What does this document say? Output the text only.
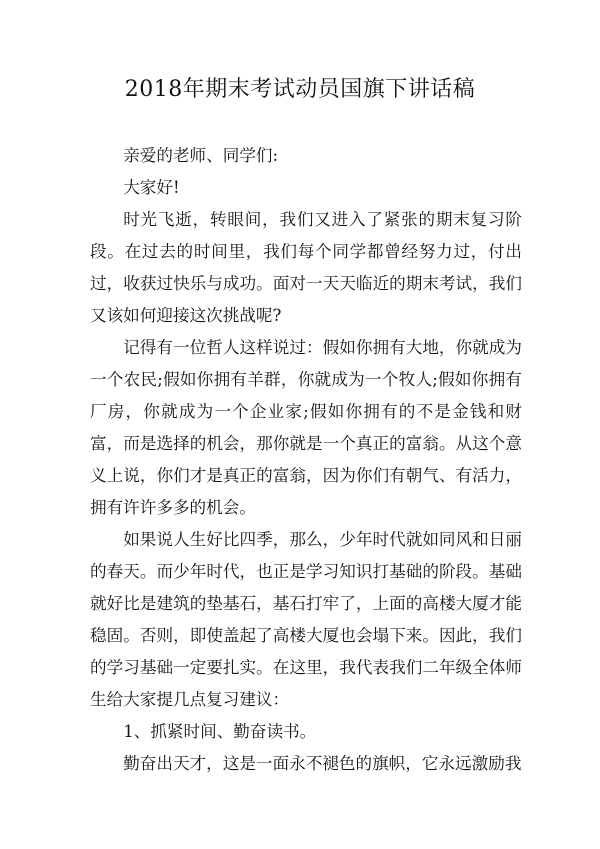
2018年期末考试动员国旗下讲话稿

亲爱的老师、同学们:

大家好!

时光飞逝，转眼间，我们又进入了紧张的期末复习阶段。在过去的时间里，我们每个同学都曾经努力过，付出过，收获过快乐与成功。面对一天天临近的期末考试，我们又该如何迎接这次挑战呢?

记得有一位哲人这样说过：假如你拥有大地，你就成为一个农民;假如你拥有羊群，你就成为一个牧人;假如你拥有厂房，你就成为一个企业家;假如你拥有的不是金钱和财富，而是选择的机会，那你就是一个真正的富翁。从这个意义上说，你们才是真正的富翁，因为你们有朝气、有活力，拥有许许多多的机会。

如果说人生好比四季，那么，少年时代就如同风和日丽的春天。而少年时代，也正是学习知识打基础的阶段。基础就好比是建筑的垫基石，基石打牢了，上面的高楼大厦才能稳固。否则，即使盖起了高楼大厦也会塌下来。因此，我们的学习基础一定要扎实。在这里，我代表我们二年级全体师生给大家提几点复习建议：

1、抓紧时间、勤奋读书。

勤奋出天才，这是一面永不褪色的旗帜，它永远激励我
